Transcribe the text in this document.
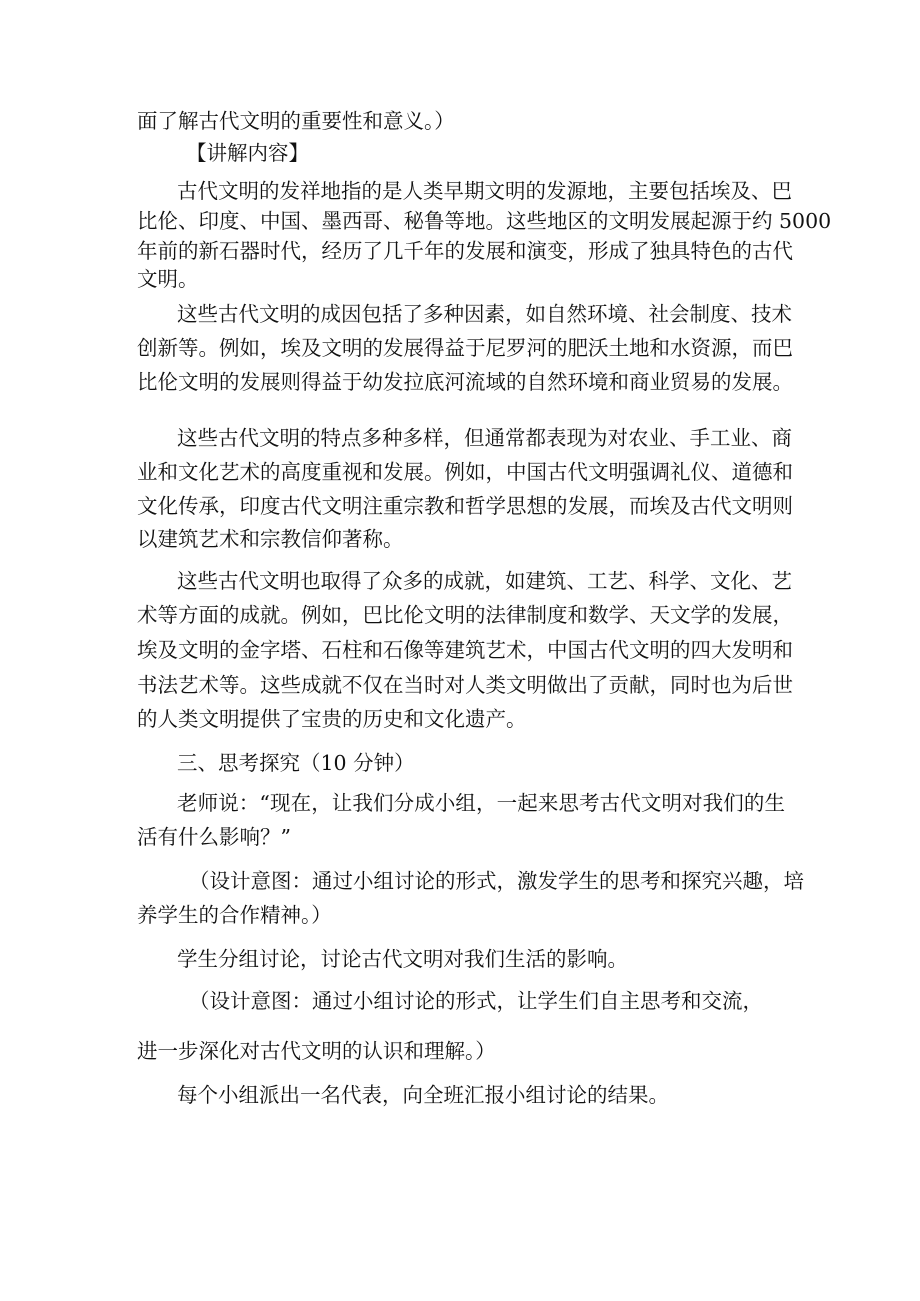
面了解古代文明的重要性和意义。）
【讲解内容】
古代文明的发祥地指的是人类早期文明的发源地，主要包括埃及、巴
比伦、印度、中国、墨西哥、秘鲁等地。这些地区的文明发展起源于约 5000
年前的新石器时代，经历了几千年的发展和演变，形成了独具特色的古代
文明。
这些古代文明的成因包括了多种因素，如自然环境、社会制度、技术
创新等。例如，埃及文明的发展得益于尼罗河的肥沃土地和水资源，而巴
比伦文明的发展则得益于幼发拉底河流域的自然环境和商业贸易的发展。
这些古代文明的特点多种多样，但通常都表现为对农业、手工业、商
业和文化艺术的高度重视和发展。例如，中国古代文明强调礼仪、道德和
文化传承，印度古代文明注重宗教和哲学思想的发展，而埃及古代文明则
以建筑艺术和宗教信仰著称。
这些古代文明也取得了众多的成就，如建筑、工艺、科学、文化、艺
术等方面的成就。例如，巴比伦文明的法律制度和数学、天文学的发展，
埃及文明的金字塔、石柱和石像等建筑艺术，中国古代文明的四大发明和
书法艺术等。这些成就不仅在当时对人类文明做出了贡献，同时也为后世
的人类文明提供了宝贵的历史和文化遗产。
三、思考探究（10 分钟）
老师说：“现在，让我们分成小组，一起来思考古代文明对我们的生
活有什么影响？”
（设计意图：通过小组讨论的形式，激发学生的思考和探究兴趣，培
养学生的合作精神。）
学生分组讨论，讨论古代文明对我们生活的影响。
（设计意图：通过小组讨论的形式，让学生们自主思考和交流，
进一步深化对古代文明的认识和理解。）
每个小组派出一名代表，向全班汇报小组讨论的结果。
